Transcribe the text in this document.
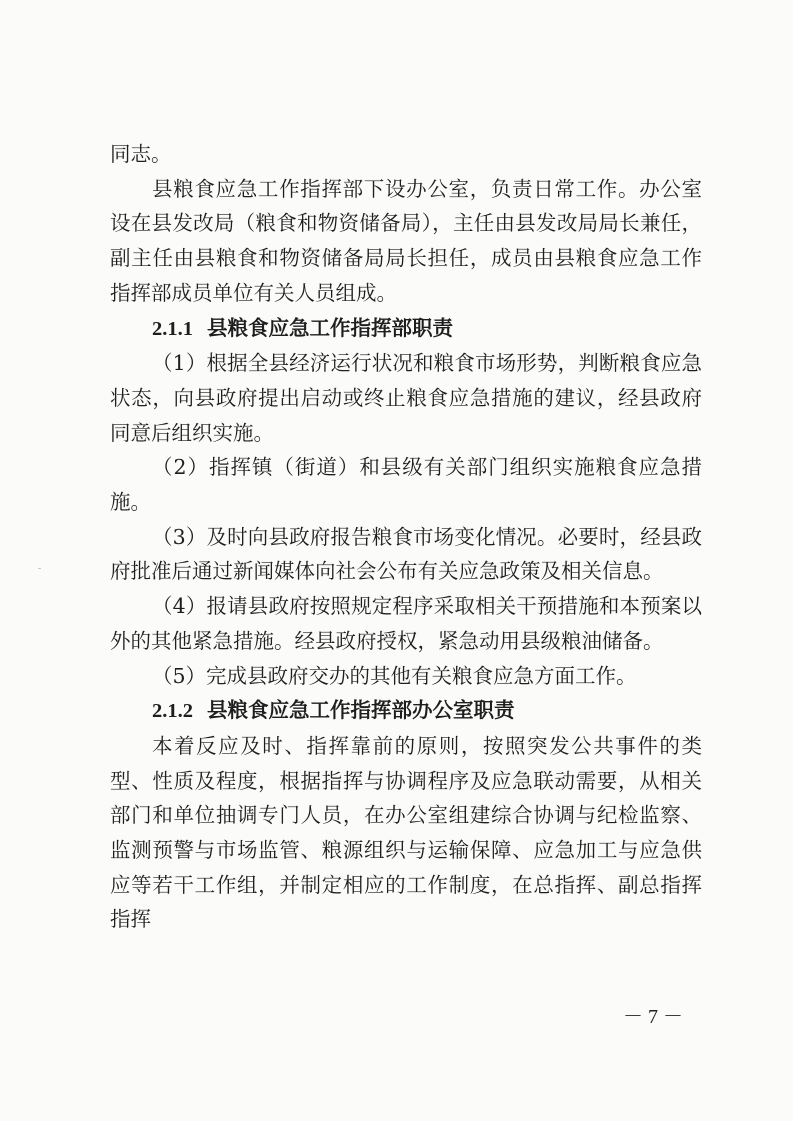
同志。

县粮食应急工作指挥部下设办公室，负责日常工作。办公室设在县发改局（粮食和物资储备局），主任由县发改局局长兼任，副主任由县粮食和物资储备局局长担任，成员由县粮食应急工作指挥部成员单位有关人员组成。

2.1.1 县粮食应急工作指挥部职责

（1）根据全县经济运行状况和粮食市场形势，判断粮食应急状态，向县政府提出启动或终止粮食应急措施的建议，经县政府同意后组织实施。

（2）指挥镇（街道）和县级有关部门组织实施粮食应急措施。

（3）及时向县政府报告粮食市场变化情况。必要时，经县政府批准后通过新闻媒体向社会公布有关应急政策及相关信息。

（4）报请县政府按照规定程序采取相关干预措施和本预案以外的其他紧急措施。经县政府授权，紧急动用县级粮油储备。

（5）完成县政府交办的其他有关粮食应急方面工作。

2.1.2 县粮食应急工作指挥部办公室职责

本着反应及时、指挥靠前的原则，按照突发公共事件的类型、性质及程度，根据指挥与协调程序及应急联动需要，从相关部门和单位抽调专门人员，在办公室组建综合协调与纪检监察、监测预警与市场监管、粮源组织与运输保障、应急加工与应急供应等若干工作组，并制定相应的工作制度，在总指挥、副总指挥指挥

－ 7 －
